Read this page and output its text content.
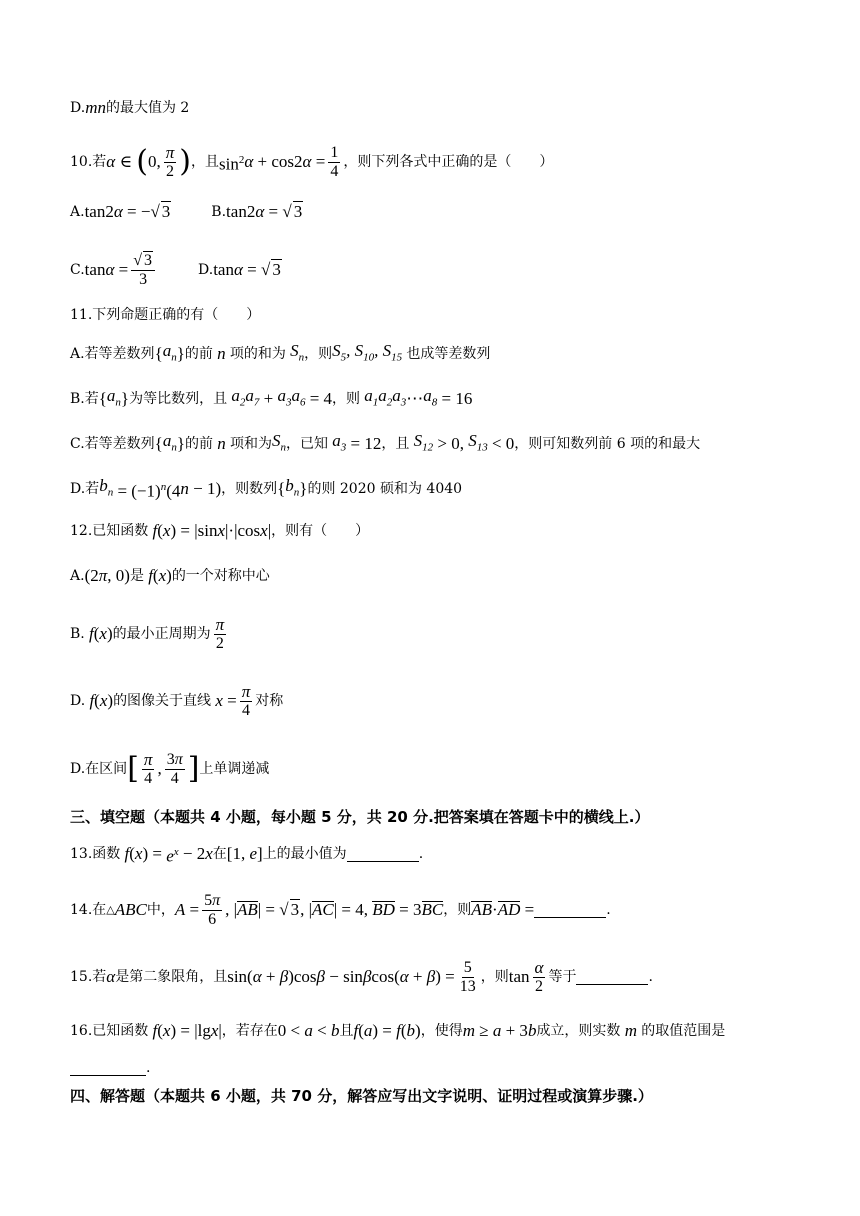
D. mn 的最大值为 2
10.若 α ∈ ( 0, $\frac{\pi}{2}$ ) ，且 $\sin^2 \alpha + \cos 2$ $\alpha = \frac{1}{4}$ ，则下列各式中正确的是（　　）
A. tan2 α = −√ 3	B. tan2 α = √ 3
C. $\tan \alpha = \frac{√ 3}{3}$	D. tan α = √ 3
11.下列命题正确的有（　　）
A.若等差数列 { $a_n$ } 的前 n 项的和为 $S_n$ ，则 $S_5$, $S_{10}$, $S_{15}$ 也成等差数列
B.若 { $a_n$ } 为等比数列，且 $a_2a_7 + a_3a_6 = 4$ ，则 $a_1a_2a_3$ ⋯ $a_8 = 16$
C.若等差数列 { $a_n$ } 的前 n 项和为 $S_n$ ，已知 $a_3 = 12$ ，且 $S_{12} > 0$, $S_{13} < 0$ ，则可知数列前 6 项的和最大
D.若 $b_n = (-1)^n(4$ n − 1) ，则数列 { $b_n$ } 的则 2020 硕和为 4040
12.已知函数 f ( x ) = |sin x |·|cos x | ，则有（　　）
A. (2 π , 0) 是 f ( x ) 的一个对称中心
B. f ( x ) 的最小正周期为 $\frac{\pi}{2}$
D. f ( x ) 的图像关于直线 $x = \frac{\pi}{4}$ 对称
D.在区间 [ $\frac{\pi}{4}$ , $\frac{3\pi}{4}$ ] 上单调递减
三、填空题（本题共 4 小题，每小题 5 分，共 20 分.把答案填在答题卡中的横线上.）
13.函数 f ( x ) = $e^x - 2$ x 在 [1, e ] 上的最小值为	.
14.在 △ ABC 中， $A = \frac{5\pi}{6}$ , | AB | = √ 3, | AC | = 4, BD = 3 BC ，则 AB · AD =	.
15.若 α 是第二象限角，且 sin( α + β )cos β − sin β cos( α + β ) = $\frac{5}{13}$ ，则 $\tan \frac{\alpha}{2}$ 等于	.
16.已知函数 f ( x ) = |lg x | ，若存在 0 < a < b 且 f ( a ) = f ( b ) ，使得 m ≥ a + 3 b 成立，则实数 m 的取值范围是
.
四、解答题（本题共 6 小题，共 70 分，解答应写出文字说明、证明过程或演算步骤.）
